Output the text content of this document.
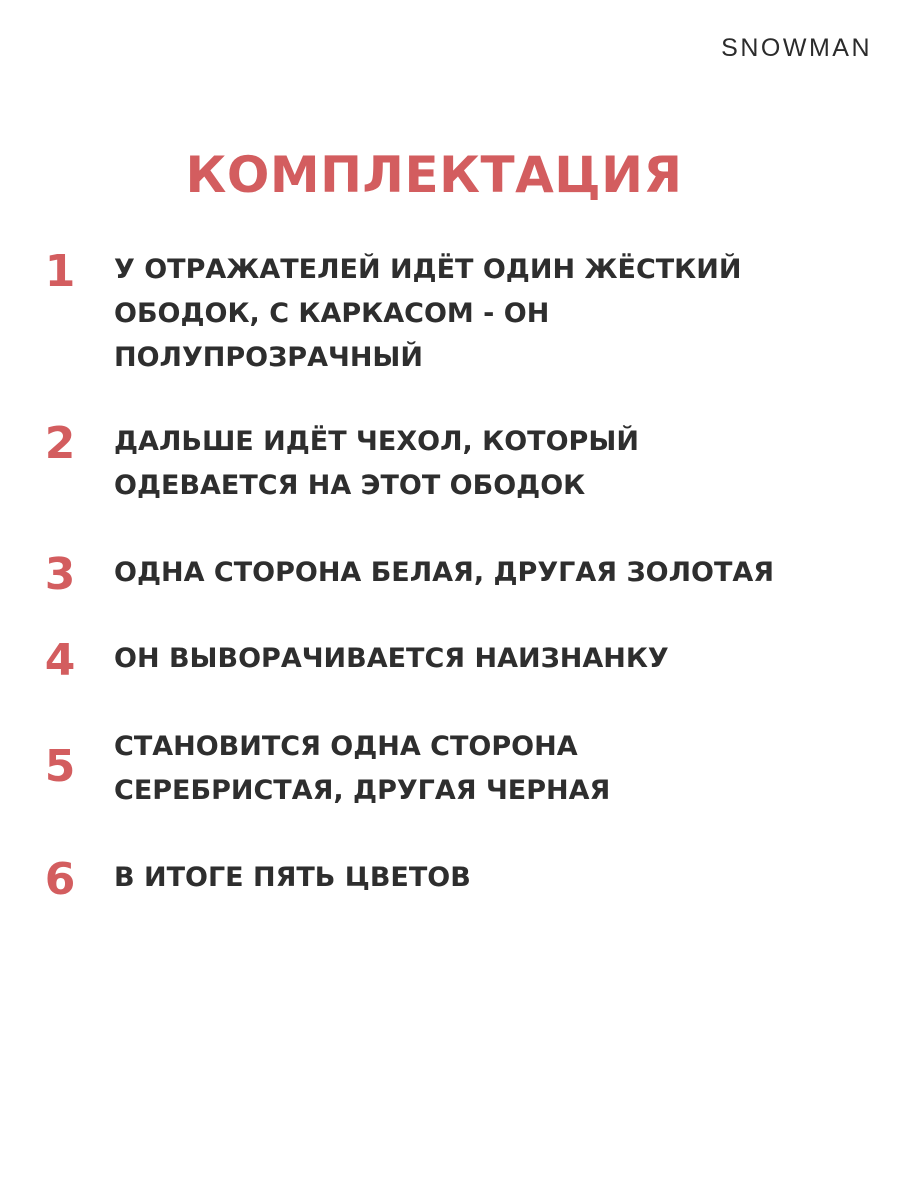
SNOWMAN
КОМПЛЕКТАЦИЯ
1 У ОТРАЖАТЕЛЕЙ ИДЁТ ОДИН ЖЁСТКИЙ
ОБОДОК, С КАРКАСОМ - ОН
ПОЛУПРОЗРАЧНЫЙ
2 ДАЛЬШЕ ИДЁТ ЧЕХОЛ, КОТОРЫЙ
ОДЕВАЕТСЯ НА ЭТОТ ОБОДОК
3 ОДНА СТОРОНА БЕЛАЯ, ДРУГАЯ ЗОЛОТАЯ
4 ОН ВЫВОРАЧИВАЕТСЯ НАИЗНАНКУ
5 СТАНОВИТСЯ ОДНА СТОРОНА
СЕРЕБРИСТАЯ, ДРУГАЯ ЧЕРНАЯ
6 В ИТОГЕ ПЯТЬ ЦВЕТОВ
